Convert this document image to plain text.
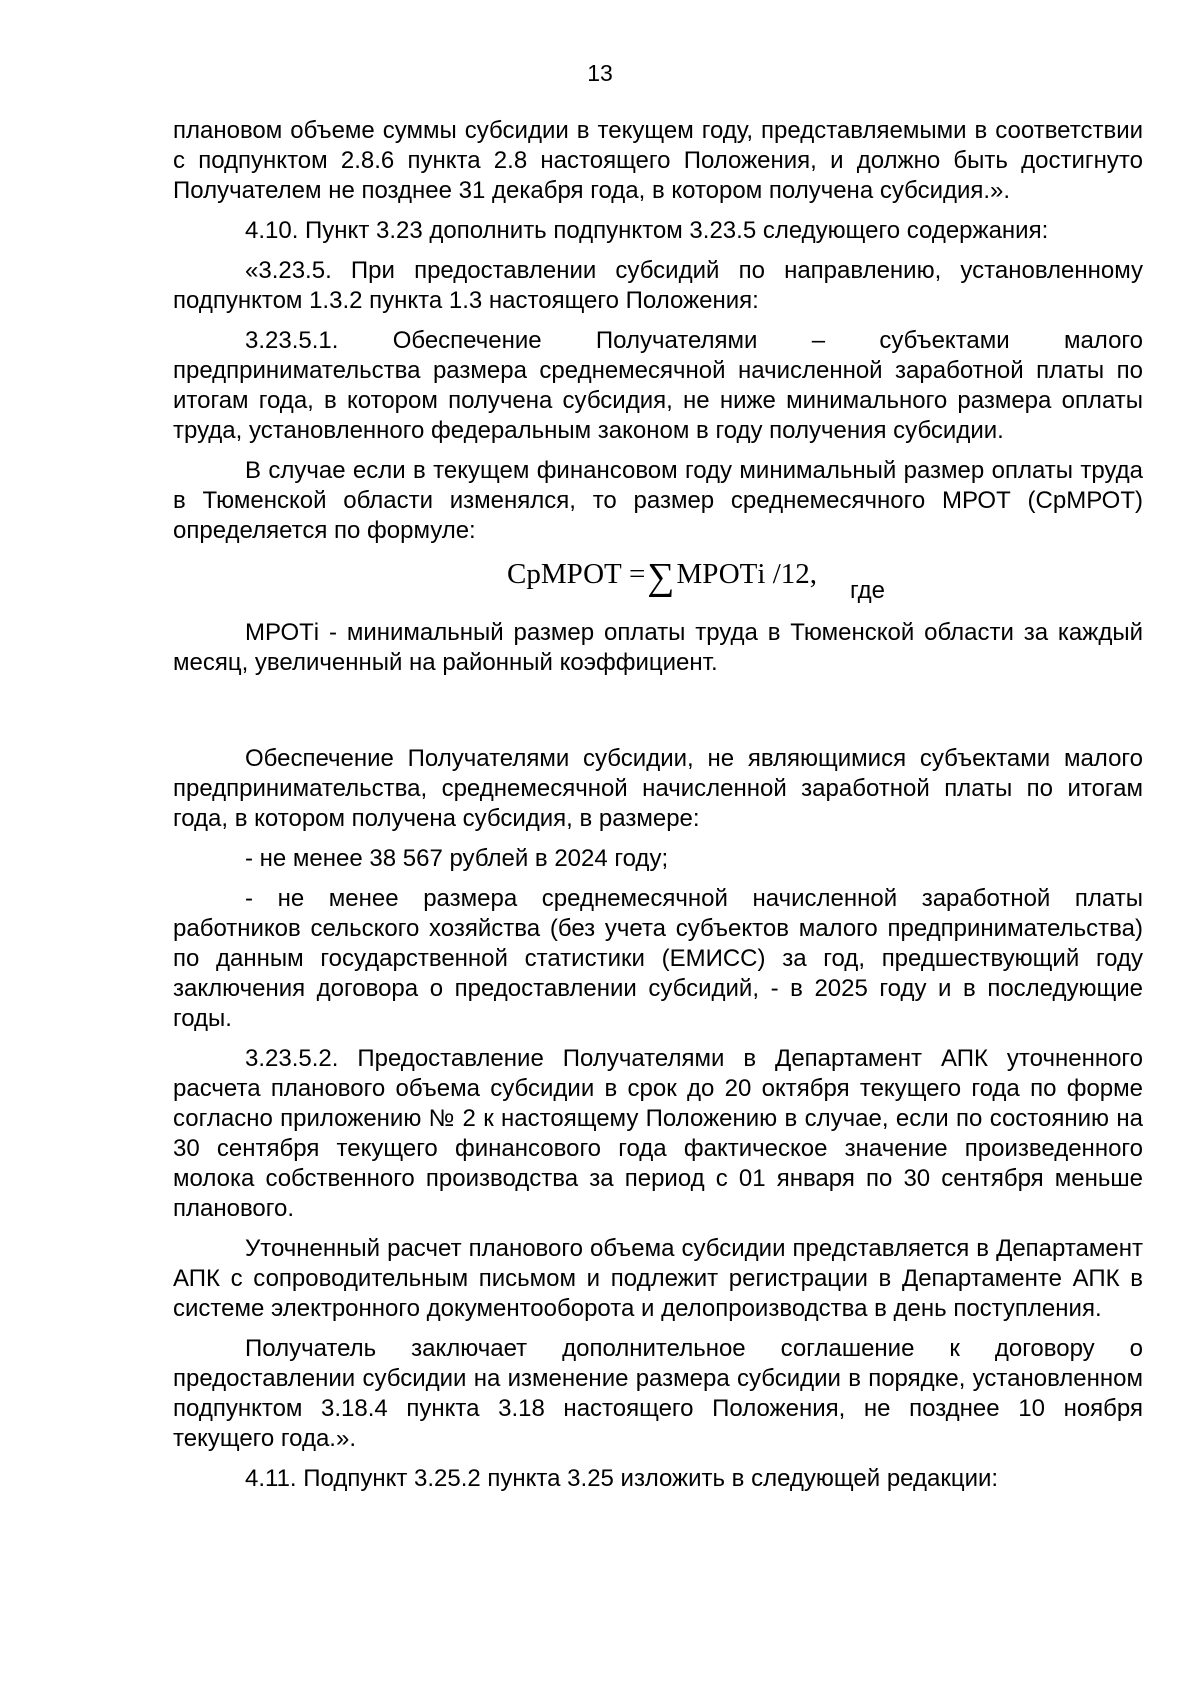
13

плановом объеме суммы субсидии в текущем году, представляемыми в соответствии с подпунктом 2.8.6 пункта 2.8 настоящего Положения, и должно быть достигнуто Получателем не позднее 31 декабря года, в котором получена субсидия.».

4.10. Пункт 3.23 дополнить подпунктом 3.23.5 следующего содержания:

«3.23.5. При предоставлении субсидий по направлению, установленному подпунктом 1.3.2 пункта 1.3 настоящего Положения:

3.23.5.1. Обеспечение Получателями – субъектами малого предпринимательства размера среднемесячной начисленной заработной платы по итогам года, в котором получена субсидия, не ниже минимального размера оплаты труда, установленного федеральным законом в году получения субсидии.

В случае если в текущем финансовом году минимальный размер оплаты труда в Тюменской области изменялся, то размер среднемесячного МРОТ (СрМРОТ) определяется по формуле:

СрМРОТ =∑МРОТi /12,
где

МРОТi - минимальный размер оплаты труда в Тюменской области за каждый месяц, увеличенный на районный коэффициент.

Обеспечение Получателями субсидии, не являющимися субъектами малого предпринимательства, среднемесячной начисленной заработной платы по итогам года, в котором получена субсидия, в размере:

- не менее 38 567 рублей в 2024 году;

- не менее размера среднемесячной начисленной заработной платы работников сельского хозяйства (без учета субъектов малого предпринимательства) по данным государственной статистики (ЕМИСС) за год, предшествующий году заключения договора о предоставлении субсидий, - в 2025 году и в последующие годы.

3.23.5.2. Предоставление Получателями в Департамент АПК уточненного расчета планового объема субсидии в срок до 20 октября текущего года по форме согласно приложению № 2 к настоящему Положению в случае, если по состоянию на 30 сентября текущего финансового года фактическое значение произведенного молока собственного производства за период с 01 января по 30 сентября меньше планового.

Уточненный расчет планового объема субсидии представляется в Департамент АПК с сопроводительным письмом и подлежит регистрации в Департаменте АПК в системе электронного документооборота и делопроизводства в день поступления.

Получатель заключает дополнительное соглашение к договору о предоставлении субсидии на изменение размера субсидии в порядке, установленном подпунктом 3.18.4 пункта 3.18 настоящего Положения, не позднее 10 ноября текущего года.».

4.11. Подпункт 3.25.2 пункта 3.25 изложить в следующей редакции:
